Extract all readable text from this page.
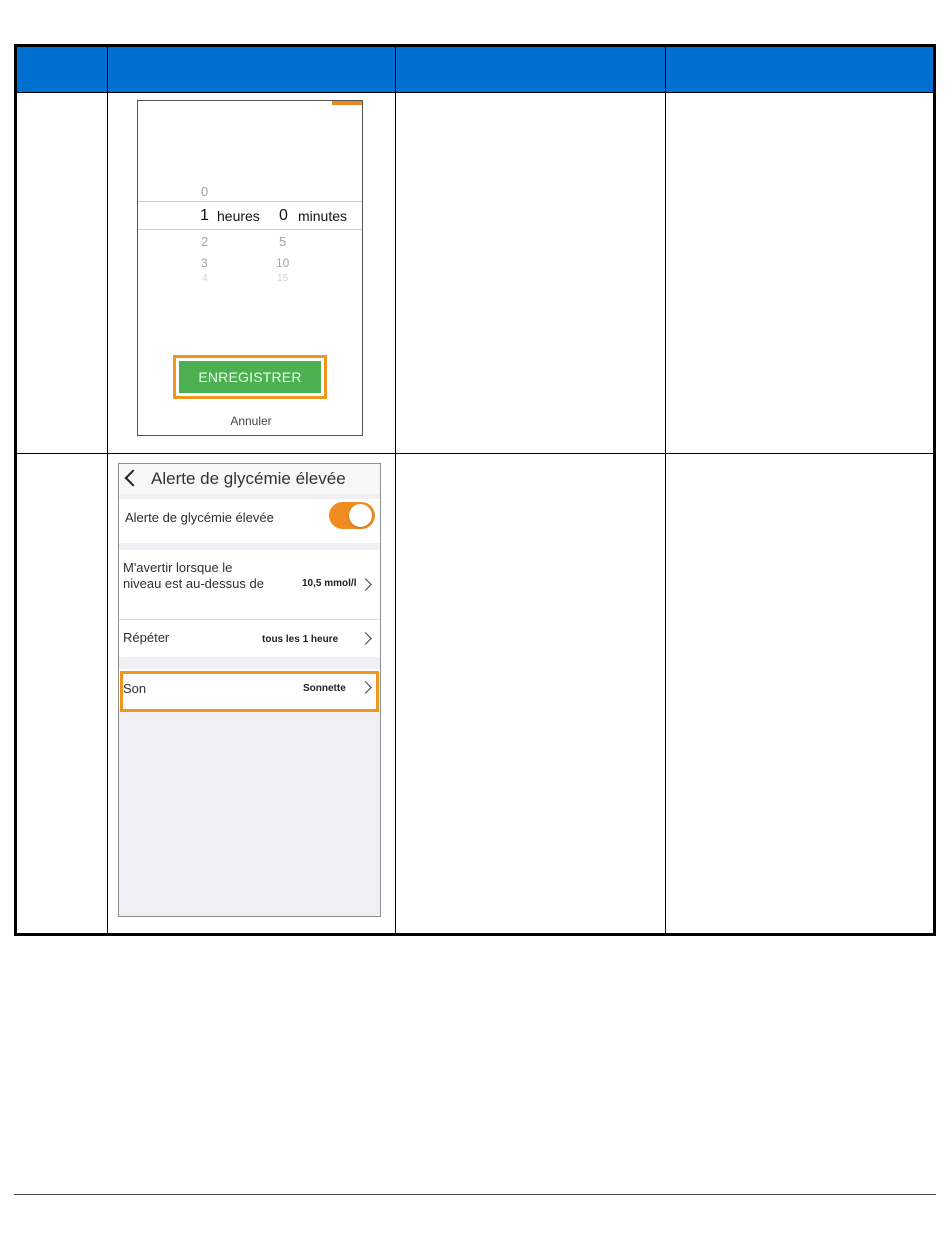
0
1 heures 0 minutes
2	5
3	10
4	15
ENREGISTRER
Annuler
Alerte de glycémie élevée
Alerte de glycémie élevée
M'avertir lorsque le niveau est au-dessus de	10,5 mmol/l
Répéter	tous les 1 heure
Son	Sonnette
